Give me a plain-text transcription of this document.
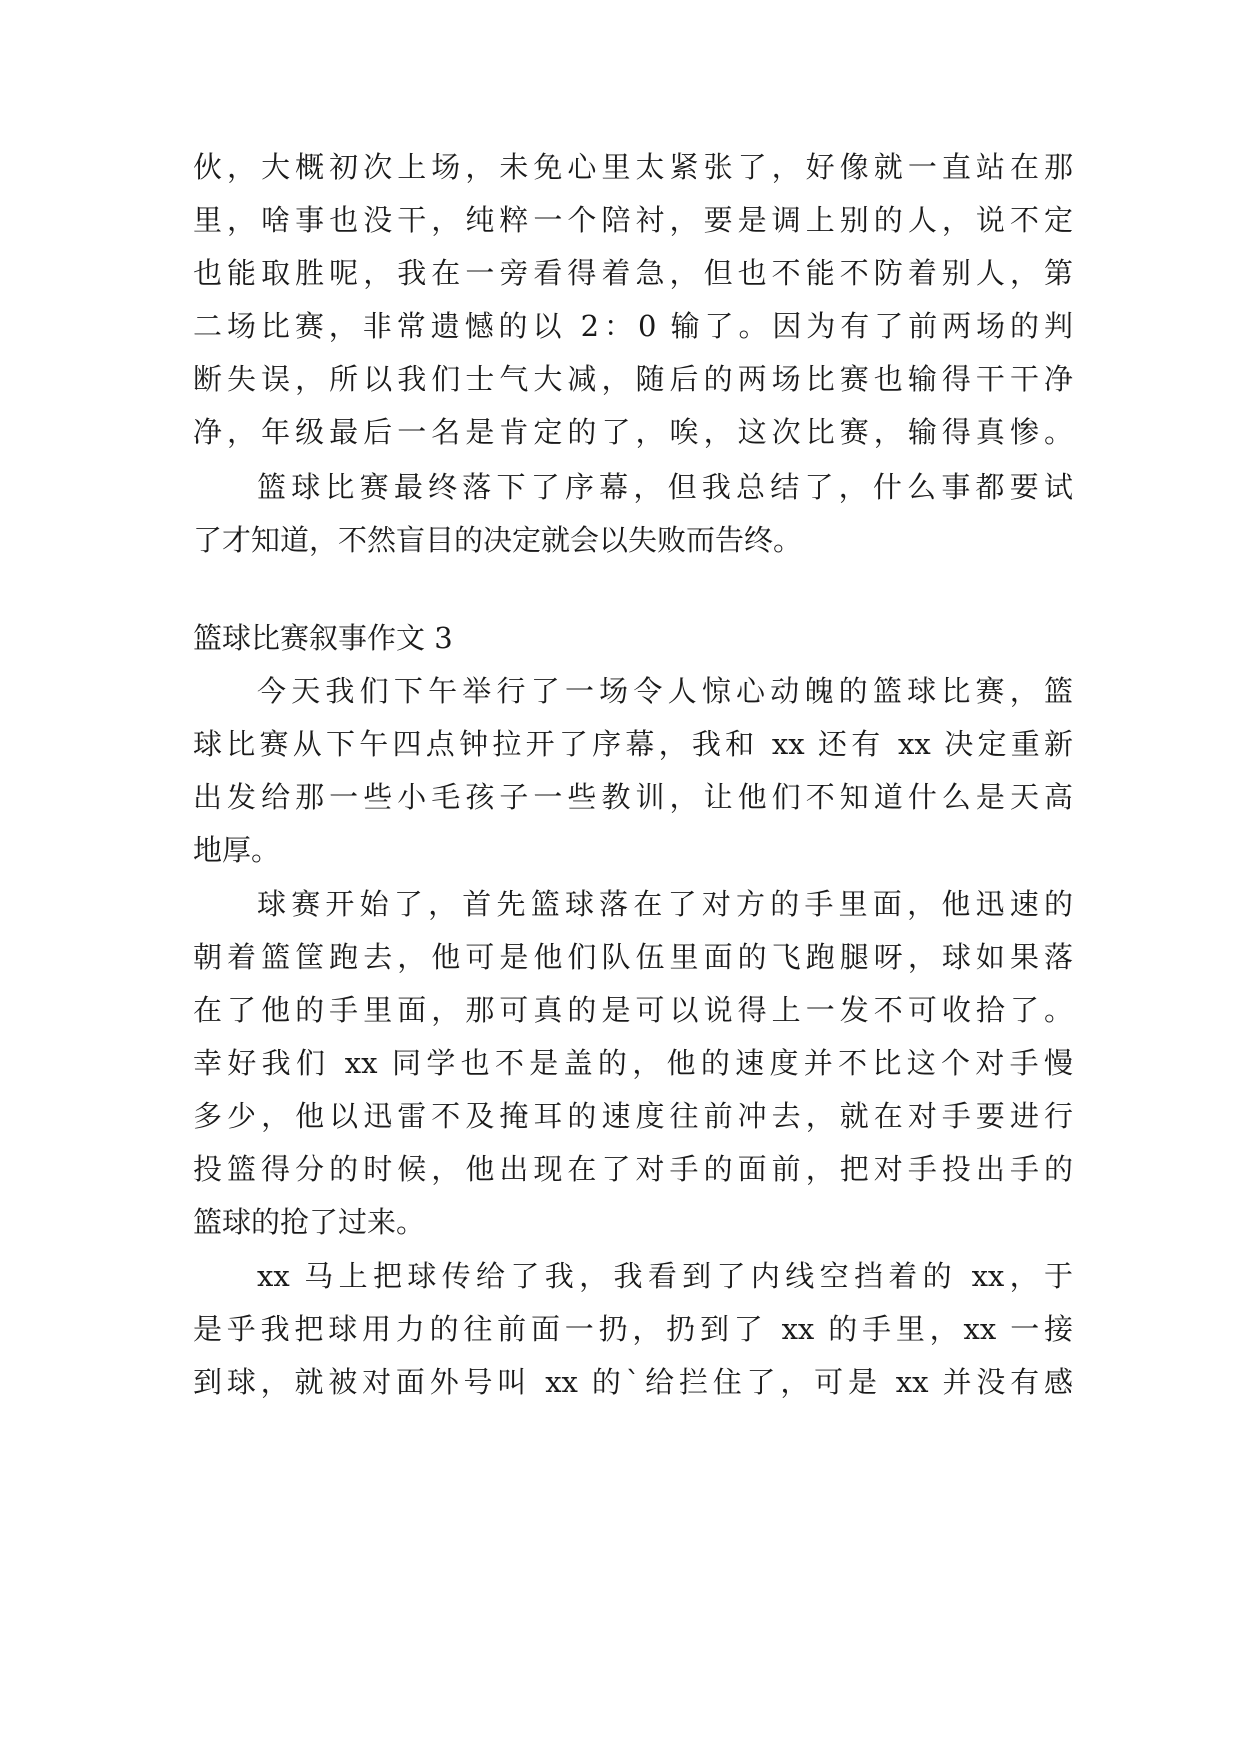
伙，大概初次上场，未免心里太紧张了，好像就一直站在那
里，啥事也没干，纯粹一个陪衬，要是调上别的人，说不定
也能取胜呢，我在一旁看得着急，但也不能不防着别人，第
二场比赛，非常遗憾的以 2：0 输了。因为有了前两场的判
断失误，所以我们士气大减，随后的两场比赛也输得干干净
净，年级最后一名是肯定的了，唉，这次比赛，输得真惨。
篮球比赛最终落下了序幕，但我总结了，什么事都要试
了才知道，不然盲目的决定就会以失败而告终。
篮球比赛叙事作文 3
今天我们下午举行了一场令人惊心动魄的篮球比赛，篮
球比赛从下午四点钟拉开了序幕，我和 xx 还有 xx 决定重新
出发给那一些小毛孩子一些教训，让他们不知道什么是天高
地厚。
球赛开始了，首先篮球落在了对方的手里面，他迅速的
朝着篮筐跑去，他可是他们队伍里面的飞跑腿呀，球如果落
在了他的手里面，那可真的是可以说得上一发不可收拾了。
幸好我们 xx 同学也不是盖的，他的速度并不比这个对手慢
多少，他以迅雷不及掩耳的速度往前冲去，就在对手要进行
投篮得分的时候，他出现在了对手的面前，把对手投出手的
篮球的抢了过来。
xx 马上把球传给了我，我看到了内线空挡着的 xx，于
是乎我把球用力的往前面一扔，扔到了 xx 的手里，xx 一接
到球，就被对面外号叫 xx 的`给拦住了，可是 xx 并没有感
